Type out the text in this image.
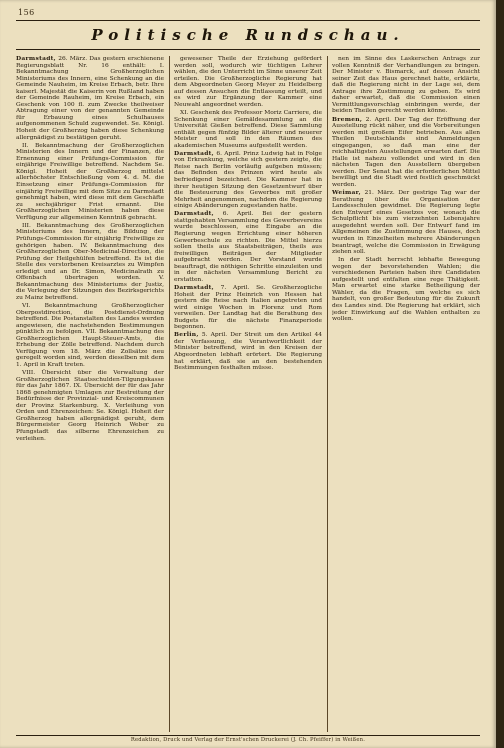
156
Politische Rundschau.

Darmstadt, 26. März. Das gestern erschienene Regierungsblatt Nr. 16 enthält: I. Bekanntmachung Großherzoglichen Ministeriums des Innern, eine Schenkung an die Gemeinde Nauheim, im Kreise Erbach, betr. Ihre kaiserl. Majestät die Kaiserin von Rußland haben der Gemeinde Rauheim, im Kreise Erbach, ein Geschenk von 100 fl. zum Zwecke theilweiser Abtragung einer von der genannten Gemeinde für Erbauung eines Schulhauses aufgenommenen Schuld zugewendet. Se. Königl. Hoheit der Großherzog haben diese Schenkung allergnädigst zu bestätigen geruht.

II. Bekanntmachung der Großherzoglichen Ministerien des Innern und der Finanzen, die Ernennung einer Prüfungs-Commission für einjährige Freiwillige betreffend. Nachdem Se. Königl. Hoheit der Großherzog mittelst allerhöchster Entschließung vom 4. d. M. die Einsetzung einer Prüfungs-Commission für einjährig Freiwillige mit dem Sitze zu Darmstadt genehmigt haben, wird diese mit dem Geschäfte zu sechsjähriger Frist ernannt. Die Großherzoglichen Ministerien haben diese Verfügung zur allgemeinen Kenntniß gebracht.

III. Bekanntmachung des Großherzoglichen Ministeriums des Innern, die Bildung der Prüfungs-Commission für einjährig Freiwillige zu gehörigen haben. IV. Bekanntmachung des Großherzoglichen Ober-Medicinal-Direction, die Prüfung der Heilgehülfen betreffend. Es ist die Stelle des verstorbenen Kreisarztes zu Wimpfen erledigt und an Dr. Simon, Medicinalrath zu Offenbach übertragen worden. V. Bekanntmachung des Ministeriums der Justiz, die Verlegung der Sitzungen des Bezirksgerichts zu Mainz betreffend.

VI. Bekanntmachung Großherzoglicher Oberpostdirection, die Postdienst-Ordnung betreffend. Die Postanstalten des Landes werden angewiesen, die nachstehenden Bestimmungen pünktlich zu befolgen. VII. Bekanntmachung des Großherzoglichen Haupt-Steuer-Amts, die Erhebung der Zölle betreffend. Nachdem durch Verfügung vom 18. März die Zollsätze neu geregelt worden sind, werden dieselben mit dem 1. April in Kraft treten.

VIII. Übersicht über die Verwaltung der Großherzoglichen Staatsschulden-Tilgungskasse für das Jahr 1867. IX. Übersicht der für das Jahr 1868 genehmigten Umlagen zur Bestreitung der Bedürfnisse der Provinzial- und Kreiscommunen der Provinz Starkenburg. X. Verleihung von Orden und Ehrenzeichen: Se. Königl. Hoheit der Großherzog haben allergnädigst geruht, dem Bürgermeister Georg Heinrich Weber zu Pfungstadt das silberne Ehrenzeichen zu verleihen.

gewesener Theile der Erziehung gefördert werden soll, wodurch wir tüchtigen Lehrer wählen, die den Unterricht im Sinne unserer Zeit erteilen. Die Großherzogliche Regierung hat dem Abgeordneten Georg Meyer zu Heidelberg auf dessen Ansuchen die Entlassung erteilt, und es wird zur Ergänzung der Kammer eine Neuwahl angeordnet werden.

XI. Geschenk des Professor Moriz Carriere, die Schenkung einer Gemäldesammlung an die Universität Gießen betreffend. Diese Sammlung enthält gegen fünfzig Bilder älterer und neuerer Meister und soll in den Räumen des akademischen Museums aufgestellt werden.

Darmstadt, 6. April. Prinz Ludwig hat in Folge von Erkrankung, welche sich gestern zeigte, die Reise nach Berlin vorläufig aufgeben müssen; das Befinden des Prinzen wird heute als befriedigend bezeichnet. Die Kammer hat in ihrer heutigen Sitzung den Gesetzentwurf über die Besteuerung des Gewerbes mit großer Mehrheit angenommen, nachdem die Regierung einige Abänderungen zugestanden hatte.

Darmstadt, 6. April. Bei der gestern stattgehabten Versammlung des Gewerbevereins wurde beschlossen, eine Eingabe an die Regierung wegen Errichtung einer höheren Gewerbeschule zu richten. Die Mittel hierzu sollen theils aus Staatsbeiträgen, theils aus freiwilligen Beiträgen der Mitglieder aufgebracht werden. Der Vorstand wurde beauftragt, die nöthigen Schritte einzuleiten und in der nächsten Versammlung Bericht zu erstatten.

Darmstadt, 7. April. Se. Großherzogliche Hoheit der Prinz Heinrich von Hessen hat gestern die Reise nach Italien angetreten und wird einige Wochen in Florenz und Rom verweilen. Der Landtag hat die Berathung des Budgets für die nächste Finanzperiode begonnen.

Berlin, 5. April. Der Streit um den Artikel 44 der Verfassung, die Verantwortlichkeit der Minister betreffend, wird in den Kreisen der Abgeordneten lebhaft erörtert. Die Regierung hat erklärt, daß sie an den bestehenden Bestimmungen festhalten müsse.

nen im Sinne des Laskerschen Antrags zur vollen Kenntniß der Verhandlungen zu bringen. Der Minister v. Bismarck, auf dessen Ansicht seiner Zeit das Haus gerechnet hatte, erklärte, daß die Regierung nicht in der Lage sei, dem Antrage ihre Zustimmung zu geben. Es wird daher erwartet, daß die Commission einen Vermittlungsvorschlag einbringen werde, der beiden Theilen gerecht werden könne.

Bremen, 2. April. Der Tag der Eröffnung der Ausstellung rückt näher, und die Vorbereitungen werden mit großem Eifer betrieben. Aus allen Theilen Deutschlands sind Anmeldungen eingegangen, so daß man eine der reichhaltigsten Ausstellungen erwarten darf. Die Halle ist nahezu vollendet und wird in den nächsten Tagen den Ausstellern übergeben werden. Der Senat hat die erforderlichen Mittel bewilligt und die Stadt wird festlich geschmückt werden.

Weimar, 21. März. Der gestrige Tag war der Berathung über die Organisation der Landesschulen gewidmet. Die Regierung legte den Entwurf eines Gesetzes vor, wonach die Schulpflicht bis zum vierzehnten Lebensjahre ausgedehnt werden soll. Der Entwurf fand im Allgemeinen die Zustimmung des Hauses, doch wurden in Einzelheiten mehrere Abänderungen beantragt, welche die Commission in Erwägung ziehen soll.

In der Stadt herrscht lebhafte Bewegung wegen der bevorstehenden Wahlen; die verschiedenen Parteien haben ihre Candidaten aufgestellt und entfalten eine rege Thätigkeit. Man erwartet eine starke Betheiligung der Wähler, da die Fragen, um welche es sich handelt, von großer Bedeutung für die Zukunft des Landes sind. Die Regierung hat erklärt, sich jeder Einwirkung auf die Wahlen enthalten zu wollen.

Redaktion, Druck und Verlag der Ernst'schen Druckerei (J. Ch. Pfeiffer) in Weißen.
